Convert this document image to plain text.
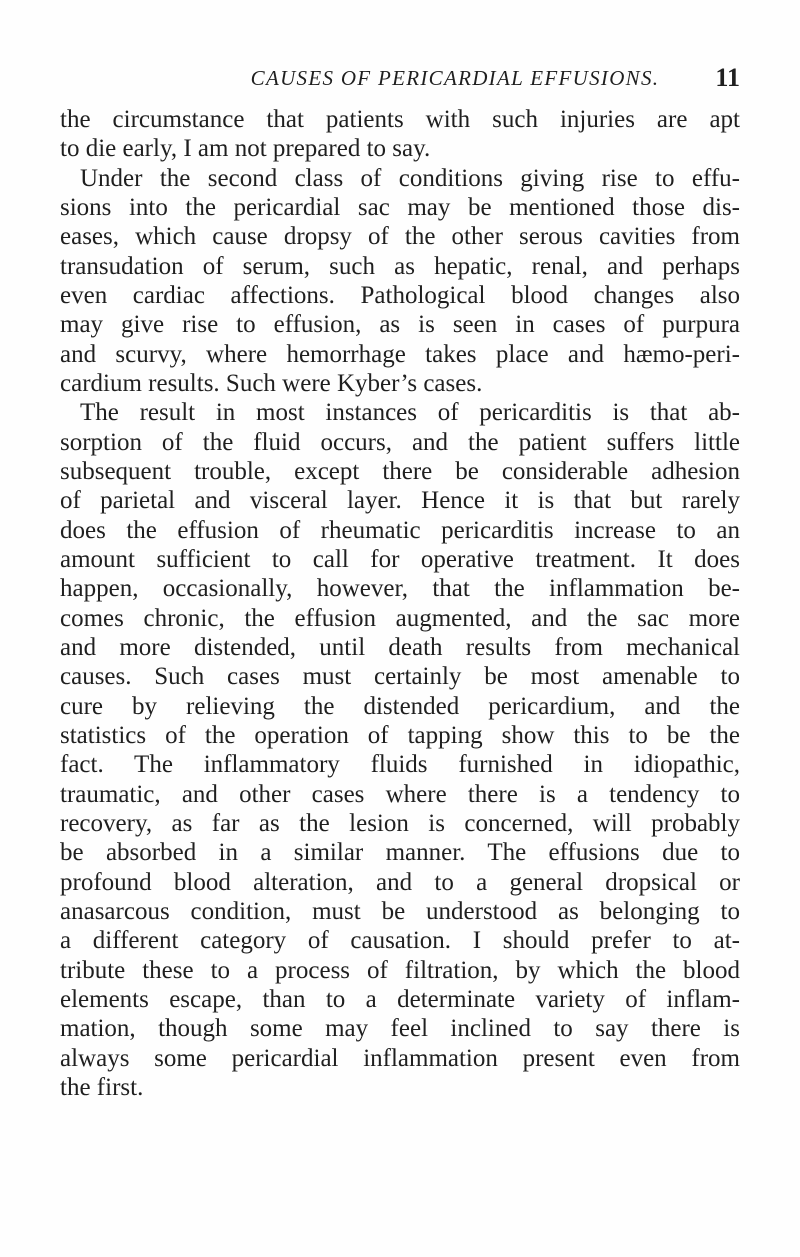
CAUSES OF PERICARDIAL EFFUSIONS.	11
the circumstance that patients with such injuries are apt
to die early, I am not prepared to say.
Under the second class of conditions giving rise to effu-
sions into the pericardial sac may be mentioned those dis-
eases, which cause dropsy of the other serous cavities from
transudation of serum, such as hepatic, renal, and perhaps
even cardiac affections. Pathological blood changes also
may give rise to effusion, as is seen in cases of purpura
and scurvy, where hemorrhage takes place and hæmo-peri-
cardium results. Such were Kyber’s cases.
The result in most instances of pericarditis is that ab-
sorption of the fluid occurs, and the patient suffers little
subsequent trouble, except there be considerable adhesion
of parietal and visceral layer. Hence it is that but rarely
does the effusion of rheumatic pericarditis increase to an
amount sufficient to call for operative treatment. It does
happen, occasionally, however, that the inflammation be-
comes chronic, the effusion augmented, and the sac more
and more distended, until death results from mechanical
causes. Such cases must certainly be most amenable to
cure by relieving the distended pericardium, and the
statistics of the operation of tapping show this to be the
fact. The inflammatory fluids furnished in idiopathic,
traumatic, and other cases where there is a tendency to
recovery, as far as the lesion is concerned, will probably
be absorbed in a similar manner. The effusions due to
profound blood alteration, and to a general dropsical or
anasarcous condition, must be understood as belonging to
a different category of causation. I should prefer to at-
tribute these to a process of filtration, by which the blood
elements escape, than to a determinate variety of inflam-
mation, though some may feel inclined to say there is
always some pericardial inflammation present even from
the first.
